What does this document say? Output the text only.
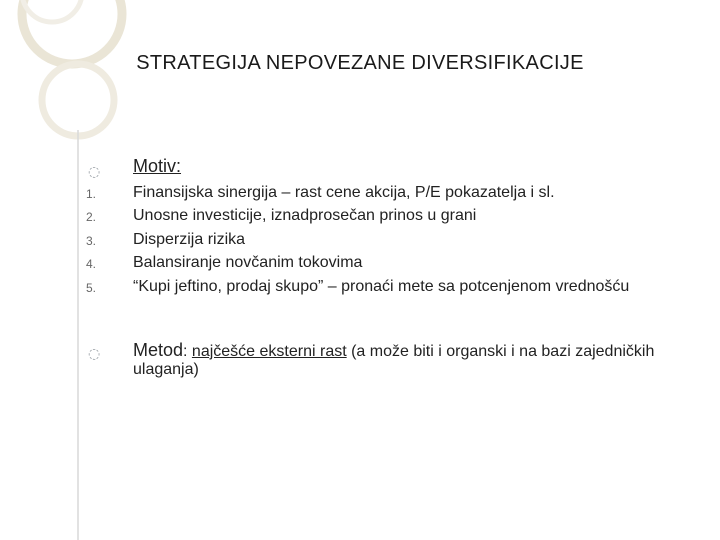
STRATEGIJA NEPOVEZANE DIVERSIFIKACIJE
◌ Motiv:
1. Finansijska sinergija – rast cene akcija, P/E pokazatelja i sl.
2. Unosne investicije, iznadprosečan prinos u grani
3. Disperzija rizika
4. Balansiranje novčanim tokovima
5. “Kupi jeftino, prodaj skupo” – pronaći mete sa potcenjenom vrednošću
◌ Metod: najčešće eksterni rast (a može biti i organski i na bazi zajedničkih ulaganja)
